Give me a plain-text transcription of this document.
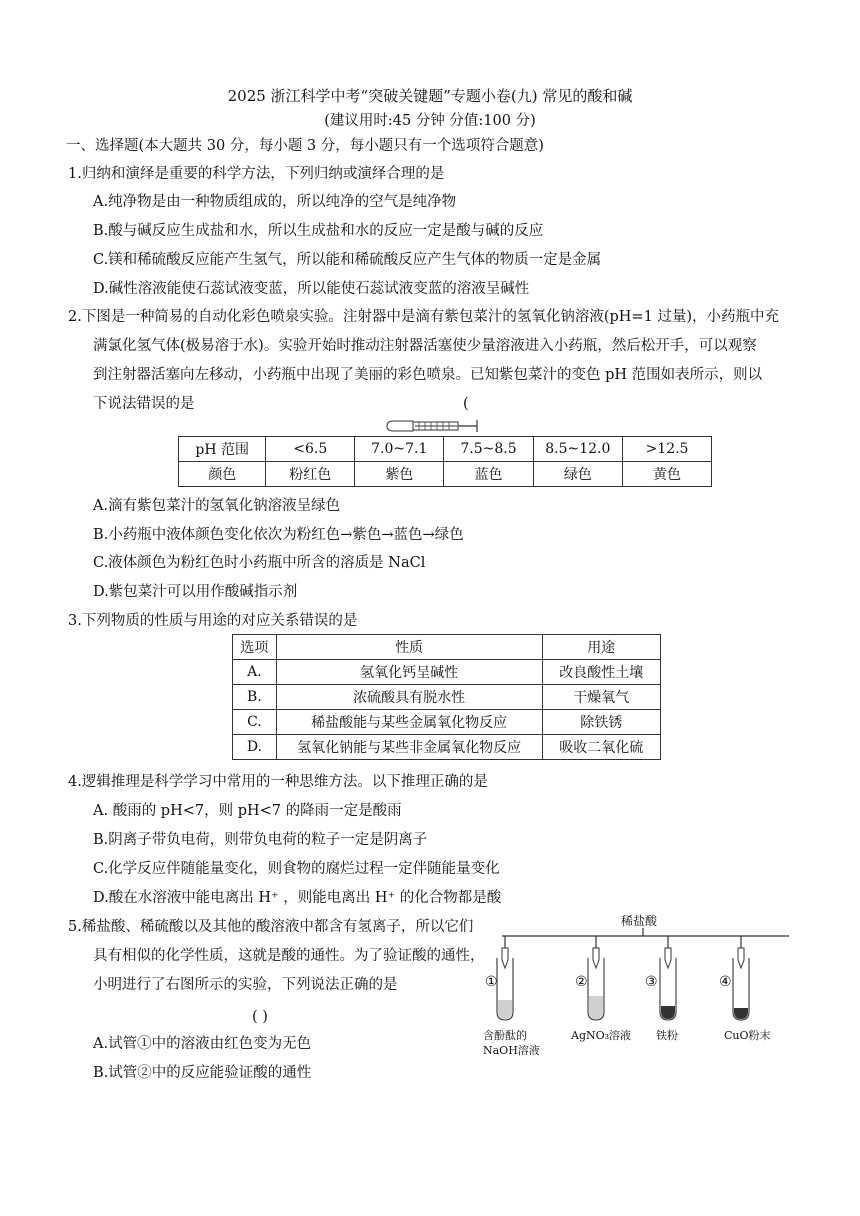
2025 浙江科学中考“突破关键题”专题小卷(九) 常见的酸和碱
(建议用时:45 分钟 分值:100 分)
一、选择题(本大题共 30 分，每小题 3 分，每小题只有一个选项符合题意)
1.归纳和演绎是重要的科学方法，下列归纳或演绎合理的是
A.纯净物是由一种物质组成的，所以纯净的空气是纯净物
B.酸与碱反应生成盐和水，所以生成盐和水的反应一定是酸与碱的反应
C.镁和稀硫酸反应能产生氢气，所以能和稀硫酸反应产生气体的物质一定是金属
D.碱性溶液能使石蕊试液变蓝，所以能使石蕊试液变蓝的溶液呈碱性
2.下图是一种简易的自动化彩色喷泉实验。注射器中是滴有紫包菜汁的氢氧化钠溶液(pH=1 过量)，小药瓶中充
满氯化氢气体(极易溶于水)。实验开始时推动注射器活塞使少量溶液进入小药瓶，然后松开手，可以观察
到注射器活塞向左移动，小药瓶中出现了美丽的彩色喷泉。已知紫包菜汁的变色 pH 范围如表所示，则以
下说法错误的是	(
pH 范围	<6.5	7.0~7.1	7.5~8.5	8.5~12.0	>12.5
颜色	粉红色	紫色	蓝色	绿色	黄色
A.滴有紫包菜汁的氢氧化钠溶液呈绿色
B.小药瓶中液体颜色变化依次为粉红色→紫色→蓝色→绿色
C.液体颜色为粉红色时小药瓶中所含的溶质是 NaCl
D.紫包菜汁可以用作酸碱指示剂
3.下列物质的性质与用途的对应关系错误的是
选项	性质	用途
A.	氢氧化钙呈碱性	改良酸性土壤
B.	浓硫酸具有脱水性	干燥氧气
C.	稀盐酸能与某些金属氧化物反应	除铁锈
D.	氢氧化钠能与某些非金属氧化物反应	吸收二氧化硫
4.逻辑推理是科学学习中常用的一种思维方法。以下推理正确的是
A. 酸雨的 pH<7，则 pH<7 的降雨一定是酸雨
B.阴离子带负电荷，则带负电荷的粒子一定是阴离子
C.化学反应伴随能量变化，则食物的腐烂过程一定伴随能量变化
D.酸在水溶液中能电离出 H⁺ ，则能电离出 H⁺ 的化合物都是酸
5.稀盐酸、稀硫酸以及其他的酸溶液中都含有氢离子，所以它们
具有相似的化学性质，这就是酸的通性。为了验证酸的通性，
小明进行了右图所示的实验，下列说法正确的是
( )
A.试管①中的溶液由红色变为无色
B.试管②中的反应能验证酸的通性
稀盐酸
①	②	③	④
含酚酞的
NaOH溶液
AgNO₃溶液 铁粉	CuO粉末
